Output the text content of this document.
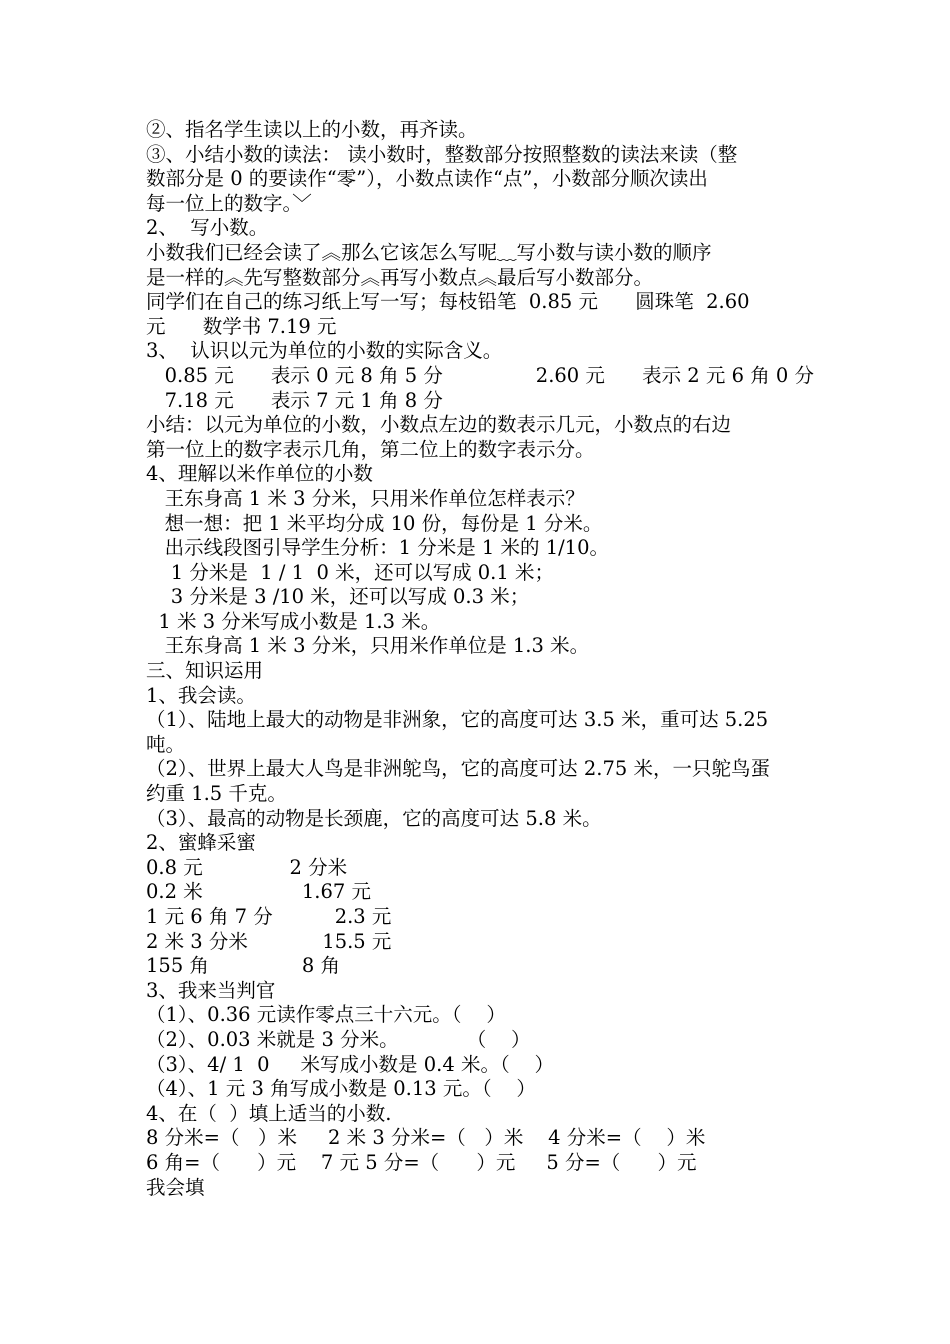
②、指名学生读以上的小数，再齐读。
③、小结小数的读法： 读小数时，整数部分按照整数的读法来读（整
数部分是 0 的要读作“零”），小数点读作“点”，小数部分顺次读出
每一位上的数字。﹀
2、  写小数。
小数我们已经会读了︽那么它该怎么写呢﹏写小数与读小数的顺序
是一样的︽先写整数部分︽再写小数点︽最后写小数部分。
同学们在自己的练习纸上写一写；每枝铅笔  0.85 元      圆珠笔  2.60
元      数学书 7.19 元
3、  认识以元为单位的小数的实际含义。
0.85 元      表示 0 元 8 角 5 分               2.60 元      表示 2 元 6 角 0 分
7.18 元      表示 7 元 1 角 8 分
小结：以元为单位的小数，小数点左边的数表示几元，小数点的右边
第一位上的数字表示几角，第二位上的数字表示分。
4、理解以米作单位的小数
王东身高 1 米 3 分米，只用米作单位怎样表示？
想一想：把 1 米平均分成 10 份，每份是 1 分米。
出示线段图引导学生分析：1 分米是 1 米的 1/10。
1 分米是  1 / 1  0 米，还可以写成 0.1 米；
3 分米是 3 /10 米，还可以写成 0.3 米；
1 米 3 分米写成小数是 1.3 米。
王东身高 1 米 3 分米，只用米作单位是 1.3 米。
三、知识运用
1、我会读。
（1）、陆地上最大的动物是非洲象，它的高度可达 3.5 米，重可达 5.25
吨。
（2）、世界上最大人鸟是非洲鸵鸟，它的高度可达 2.75 米，一只鸵鸟蛋
约重 1.5 千克。
（3）、最高的动物是长颈鹿，它的高度可达 5.8 米。
2、蜜蜂采蜜
0.8 元              2 分米
0.2 米                1.67 元
1 元 6 角 7 分          2.3 元
2 米 3 分米            15.5 元
155 角               8 角
3、我来当判官
（1）、0.36 元读作零点三十六元。（    ）
（2）、0.03 米就是 3 分米。           （    ）
（3）、4/ 1  0     米写成小数是 0.4 米。（    ）
（4）、1 元 3 角写成小数是 0.13 元。（    ）
4、在（  ）填上适当的小数.
8 分米=（   ）米     2 米 3 分米=（   ）米    4 分米=（    ）米
6 角=（      ）元    7 元 5 分=（      ）元     5 分=（      ）元
我会填
